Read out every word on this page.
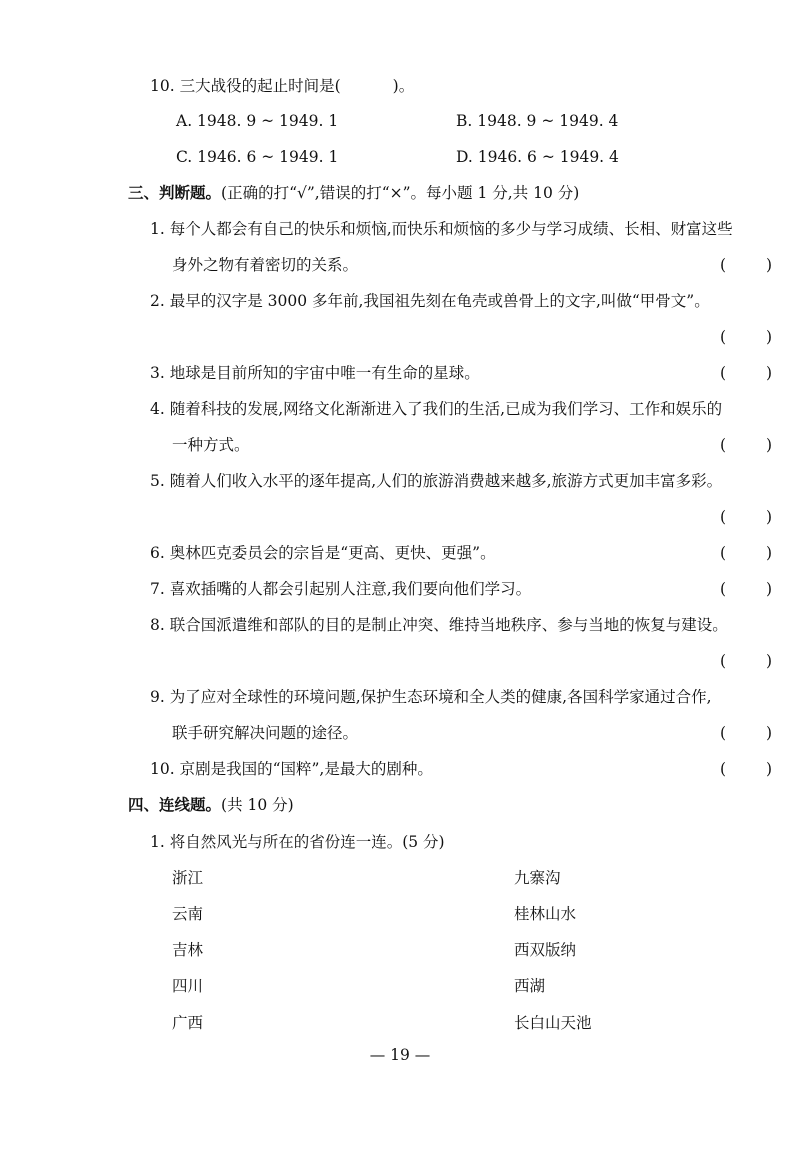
10. 三大战役的起止时间是(	)。
A. 1948. 9 ~ 1949. 1	B. 1948. 9 ~ 1949. 4
C. 1946. 6 ~ 1949. 1	D. 1946. 6 ~ 1949. 4
三、判断题。(正确的打“√”,错误的打“×”。每小题 1 分,共 10 分)
1. 每个人都会有自己的快乐和烦恼,而快乐和烦恼的多少与学习成绩、长相、财富这些
身外之物有着密切的关系。	(	)
2. 最早的汉字是 3000 多年前,我国祖先刻在龟壳或兽骨上的文字,叫做“甲骨文”。
(	)
3. 地球是目前所知的宇宙中唯一有生命的星球。	(	)
4. 随着科技的发展,网络文化渐渐进入了我们的生活,已成为我们学习、工作和娱乐的
一种方式。	(	)
5. 随着人们收入水平的逐年提高,人们的旅游消费越来越多,旅游方式更加丰富多彩。
(	)
6. 奥林匹克委员会的宗旨是“更高、更快、更强”。	(	)
7. 喜欢插嘴的人都会引起别人注意,我们要向他们学习。	(	)
8. 联合国派遣维和部队的目的是制止冲突、维持当地秩序、参与当地的恢复与建设。
(	)
9. 为了应对全球性的环境问题,保护生态环境和全人类的健康,各国科学家通过合作,
联手研究解决问题的途径。	(	)
10. 京剧是我国的“国粹”,是最大的剧种。	(	)
四、连线题。(共 10 分)
1. 将自然风光与所在的省份连一连。(5 分)
浙江	九寨沟
云南	桂林山水
吉林	西双版纳
四川	西湖
广西	长白山天池
— 19 —
